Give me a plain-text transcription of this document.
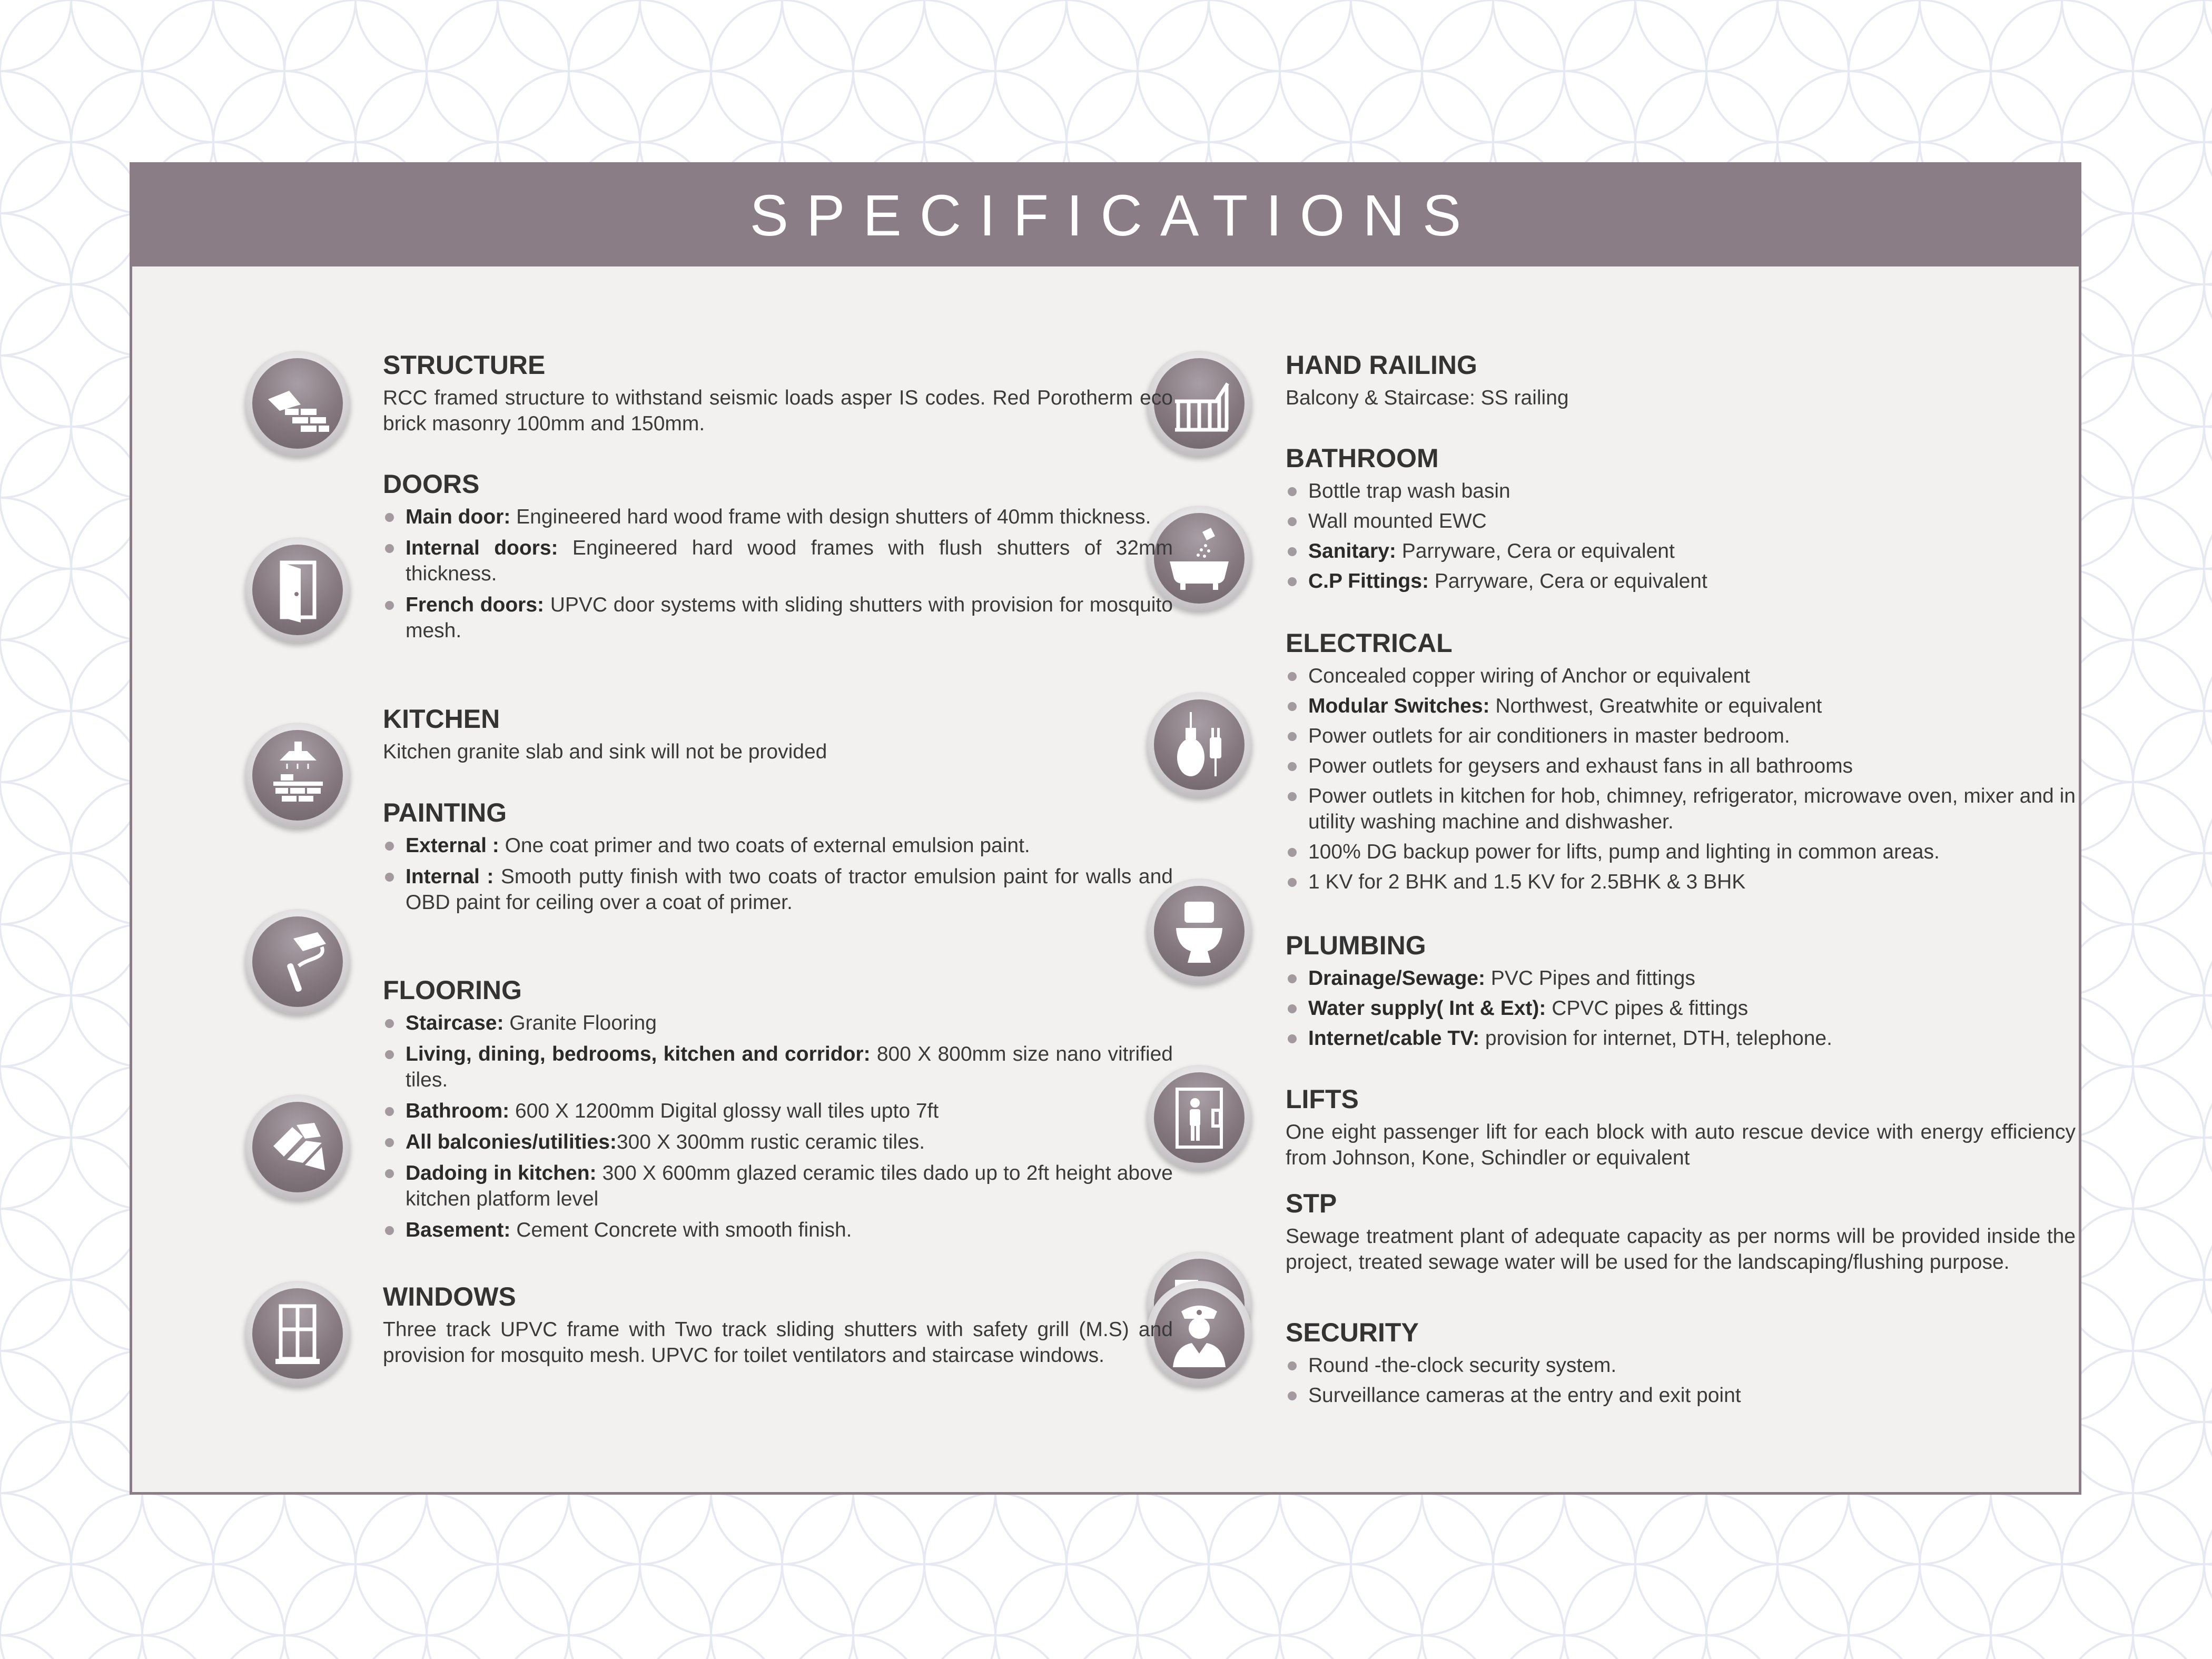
SPECIFICATIONS
STRUCTURE

RCC framed structure to withstand seismic loads asper IS codes. Red Porotherm eco brick masonry 100mm and 150mm.

DOORS
Main door: Engineered hard wood frame with design shutters of 40mm thickness.
Internal doors: Engineered hard wood frames with flush shutters of 32mm thickness.
French doors: UPVC door systems with sliding shutters with provision for mosquito mesh.
KITCHEN

Kitchen granite slab and sink will not be provided

PAINTING
External : One coat primer and two coats of external emulsion paint.
Internal : Smooth putty finish with two coats of tractor emulsion paint for walls and OBD paint for ceiling over a coat of primer.
FLOORING
Staircase: Granite Flooring
Living, dining, bedrooms, kitchen and corridor: 800 X 800mm size nano vitrified tiles.
Bathroom: 600 X 1200mm Digital glossy wall tiles upto 7ft
All balconies/utilities:300 X 300mm rustic ceramic tiles.
Dadoing in kitchen: 300 X 600mm glazed ceramic tiles dado up to 2ft height above kitchen platform level
Basement: Cement Concrete with smooth finish.
WINDOWS

Three track UPVC frame with Two track sliding shutters with safety grill (M.S) and provision for mosquito mesh. UPVC for toilet ventilators and staircase windows.

HAND RAILING

Balcony & Staircase: SS railing

BATHROOM
Bottle trap wash basin
Wall mounted EWC
Sanitary: Parryware, Cera or equivalent
C.P Fittings: Parryware, Cera or equivalent
ELECTRICAL
Concealed copper wiring of Anchor or equivalent
Modular Switches: Northwest, Greatwhite or equivalent
Power outlets for air conditioners in master bedroom.
Power outlets for geysers and exhaust fans in all bathrooms
Power outlets in kitchen for hob, chimney, refrigerator, microwave oven, mixer and in utility washing machine and dishwasher.
100% DG backup power for lifts, pump and lighting in common areas.
1 KV for 2 BHK and 1.5 KV for 2.5BHK & 3 BHK
PLUMBING
Drainage/Sewage: PVC Pipes and fittings
Water supply( Int & Ext): CPVC pipes & fittings
Internet/cable TV: provision for internet, DTH, telephone.
LIFTS

One eight passenger lift for each block with auto rescue device with energy efficiency from Johnson, Kone, Schindler or equivalent

STP

Sewage treatment plant of adequate capacity as per norms will be provided inside the project, treated sewage water will be used for the landscaping/flushing purpose.

SECURITY
Round -the-clock security system.
Surveillance cameras at the entry and exit point
